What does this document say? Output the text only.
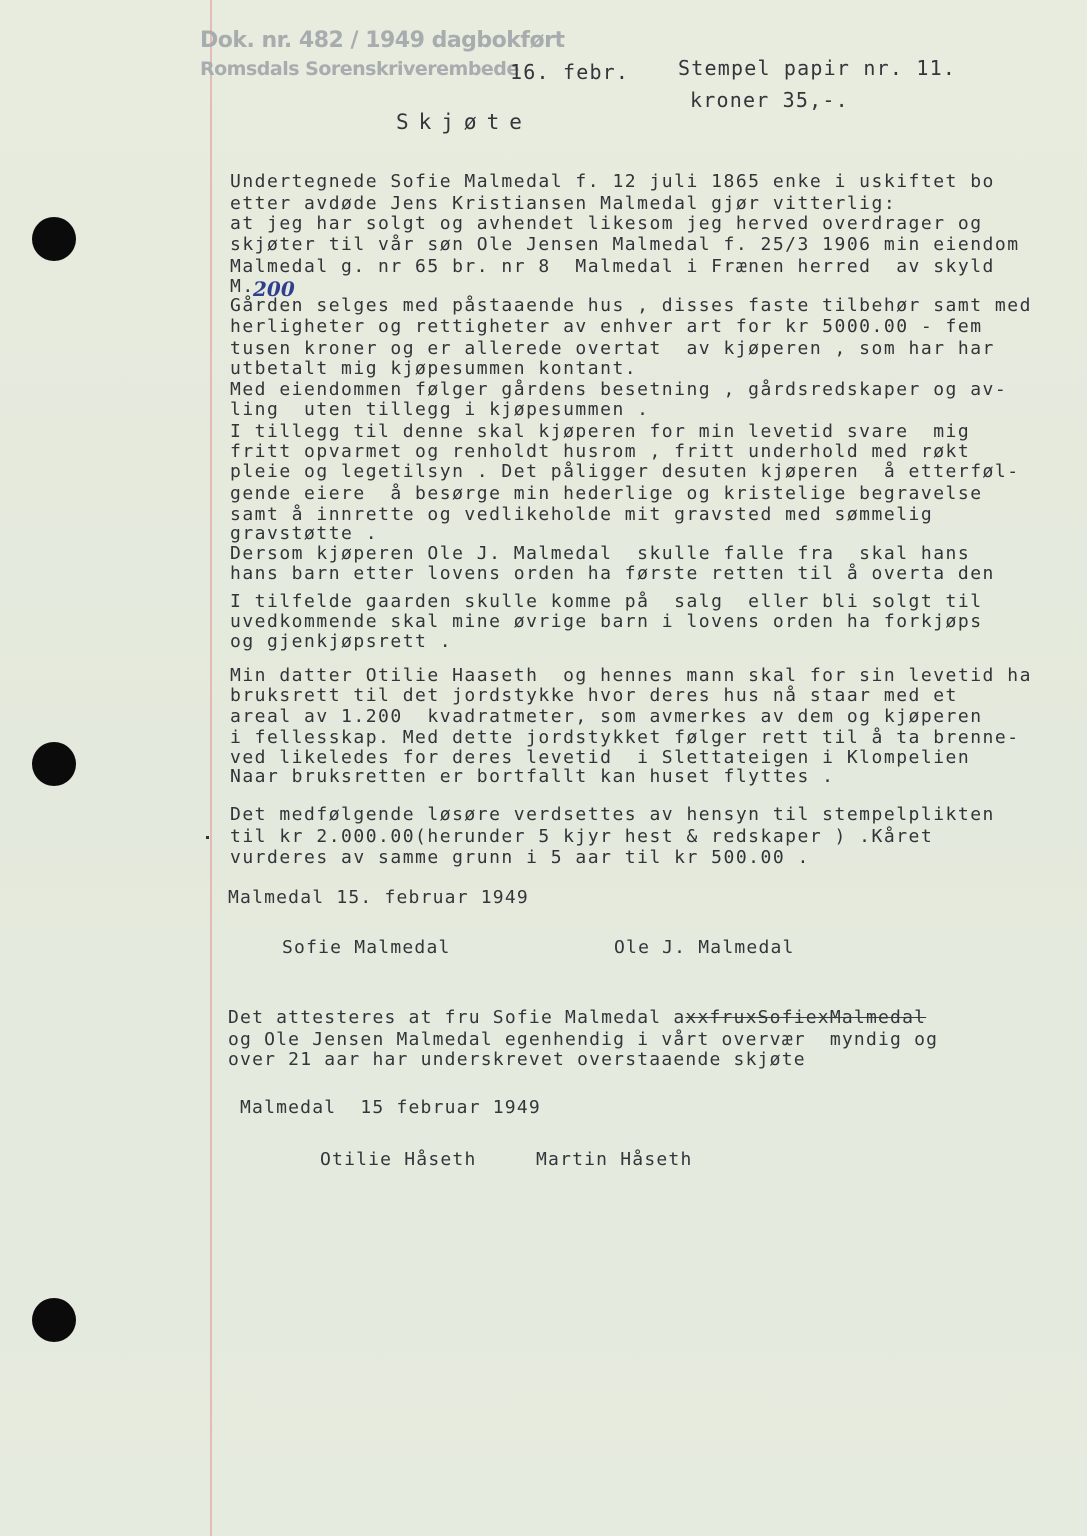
Dok. nr. 482 / 1949 dagbokført
Romsdals Sorenskriverembede
16. febr. Stempel papir nr. 11.
kroner 35,-.
Skjøte
Undertegnede Sofie Malmedal f. 12 juli 1865 enke i uskiftet bo
etter avdøde Jens Kristiansen Malmedal gjør vitterlig:
at jeg har solgt og avhendet likesom jeg herved overdrager og
skjøter til vår søn Ole Jensen Malmedal f. 25/3 1906 min eiendom
Malmedal g. nr 65 br. nr 8  Malmedal i Frænen herred  av skyld
M.
Gården selges med påstaaende hus , disses faste tilbehør samt med
herligheter og rettigheter av enhver art for kr 5000.00 - fem
tusen kroner og er allerede overtat  av kjøperen , som har har
utbetalt mig kjøpesummen kontant.
Med eiendommen følger gårdens besetning , gårdsredskaper og av-
ling  uten tillegg i kjøpesummen .
I tillegg til denne skal kjøperen for min levetid svare  mig
fritt opvarmet og renholdt husrom , fritt underhold med røkt
pleie og legetilsyn . Det påligger desuten kjøperen  å etterføl-
gende eiere  å besørge min hederlige og kristelige begravelse
samt å innrette og vedlikeholde mit gravsted med sømmelig
gravstøtte .
Dersom kjøperen Ole J. Malmedal  skulle falle fra  skal hans
hans barn etter lovens orden ha første retten til å overta den
I tilfelde gaarden skulle komme på  salg  eller bli solgt til
uvedkommende skal mine øvrige barn i lovens orden ha forkjøps
og gjenkjøpsrett .
Min datter Otilie Haaseth  og hennes mann skal for sin levetid ha
bruksrett til det jordstykke hvor deres hus nå staar med et
areal av 1.200  kvadratmeter, som avmerkes av dem og kjøperen
i fellesskap. Med dette jordstykket følger rett til å ta brenne-
ved likeledes for deres levetid  i Slettateigen i Klompelien
Naar bruksretten er bortfallt kan huset flyttes .
Det medfølgende løsøre verdsettes av hensyn til stempelplikten
til kr 2.000.00(herunder 5 kjyr hest & redskaper ) .Kåret
vurderes av samme grunn i 5 aar til kr 500.00 .
200
Malmedal 15. februar 1949
Sofie Malmedal	Ole J. Malmedal
Det attesteres at fru Sofie Malmedal axxfruxSofiexMalmedal
og Ole Jensen Malmedal egenhendig i vårt overvær  myndig og
over 21 aar har underskrevet overstaaende skjøte
Malmedal  15 februar 1949
Otilie Håseth	Martin Håseth
